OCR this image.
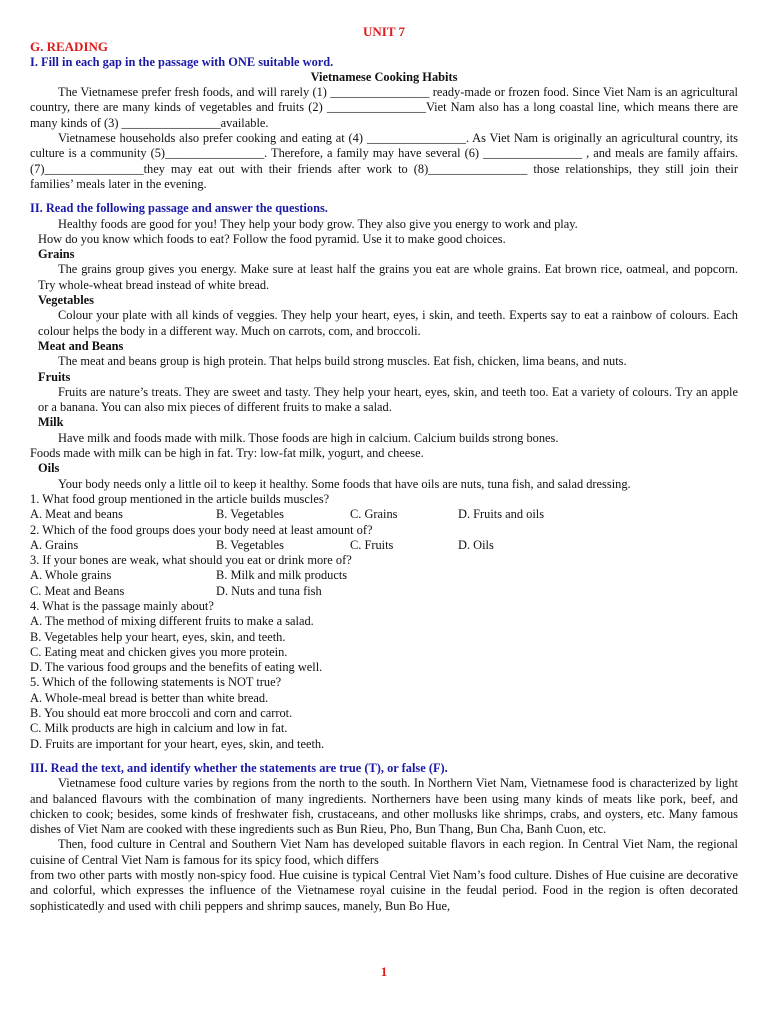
UNIT 7
G. READING
I. Fill in each gap in the passage with ONE suitable word.
Vietnamese Cooking Habits
The Vietnamese prefer fresh foods, and will rarely (1) ________________ ready-made or frozen food. Since Viet Nam is an agricultural country, there are many kinds of vegetables and fruits (2) ________________Viet Nam also has a long coastal line, which means there are many kinds of (3) ________________available.
Vietnamese households also prefer cooking and eating at (4) ________________. As Viet Nam is originally an agricultural country, its culture is a community (5)________________. Therefore, a family may have several (6) ________________ , and meals are family affairs. (7)________________they may eat out with their friends after work to (8)________________ those relationships, they still join their families’ meals later in the evening.
II. Read the following passage and answer the questions.
Healthy foods are good for you! They help your body grow. They also give you energy to work and play.
How do you know which foods to eat? Follow the food pyramid. Use it to make good choices.
Grains
The grains group gives you energy. Make sure at least half the grains you eat are whole grains. Eat brown rice, oatmeal, and popcorn. Try whole-wheat bread instead of white bread.
Vegetables
Colour your plate with all kinds of veggies. They help your heart, eyes, і skin, and teeth. Experts say to eat a rainbow of colours. Each colour helps the body in a different way. Much on carrots, com, and broccoli.
Meat and Beans
The meat and beans group is high protein. That helps build strong muscles. Eat fish, chicken, lima beans, and nuts.
Fruits
Fruits are nature’s treats. They are sweet and tasty. They help your heart, eyes, skin, and teeth too. Eat a variety of colours. Try an apple or a banana. You can also mix pieces of different fruits to make a salad.
Milk
Have milk and foods made with milk. Those foods are high in calcium. Calcium builds strong bones.
Foods made with milk can be high in fat. Try: low-fat milk, yogurt, and cheese.
Oils
Your body needs only a little oil to keep it healthy. Some foods that have oils are nuts, tuna fish, and salad dressing.
1. What food group mentioned in the article builds muscles?
A. Meat and beans	B. Vegetables	C. Grains	D. Fruits and oils
2. Which of the food groups does your body need at least amount of?
A. Grains	B. Vegetables	C. Fruits	D. Oils
3. If your bones are weak, what should you eat or drink more of?
A. Whole grains	B. Milk and milk products
C. Meat and Beans	D. Nuts and tuna fish
4. What is the passage mainly about?
A. The method of mixing different fruits to make a salad.
B. Vegetables help your heart, eyes, skin, and teeth.
C. Eating meat and chicken gives you more protein.
D. The various food groups and the benefits of eating well.
5. Which of the following statements is NOT true?
A. Whole-meal bread is better than white bread.
B. You should eat more broccoli and corn and carrot.
C. Milk products are high in calcium and low in fat.
D. Fruits are important for your heart, eyes, skin, and teeth.
III. Read the text, and identify whether the statements are true (T), or false (F).
Vietnamese food culture varies by regions from the north to the south. In Northern Viet Nam, Vietnamese food is characterized by light and balanced flavours with the combination of many ingredients. Northerners have been using many kinds of meats like pork, beef, and chicken to cook; besides, some kinds of freshwater fish, crustaceans, and other mollusks like shrimps, crabs, and oysters, etc. Many famous dishes of Viet Nam are cooked with these ingredients such as Bun Rieu, Pho, Bun Thang, Bun Cha, Banh Cuon, etc.
Then, food culture in Central and Southern Viet Nam has developed suitable flavors in each region. In Central Viet Nam, the regional cuisine of Central Viet Nam is famous for its spicy food, which differs
from two other parts with mostly non-spicy food. Hue cuisine is typical Central Viet Nam’s food culture. Dishes of Hue cuisine are decorative and colorful, which expresses the influence of the Vietnamese royal cuisine in the feudal period. Food in the region is often decorated sophisticatedly and used with chili peppers and shrimp sauces, manely, Bun Bo Hue,
1
